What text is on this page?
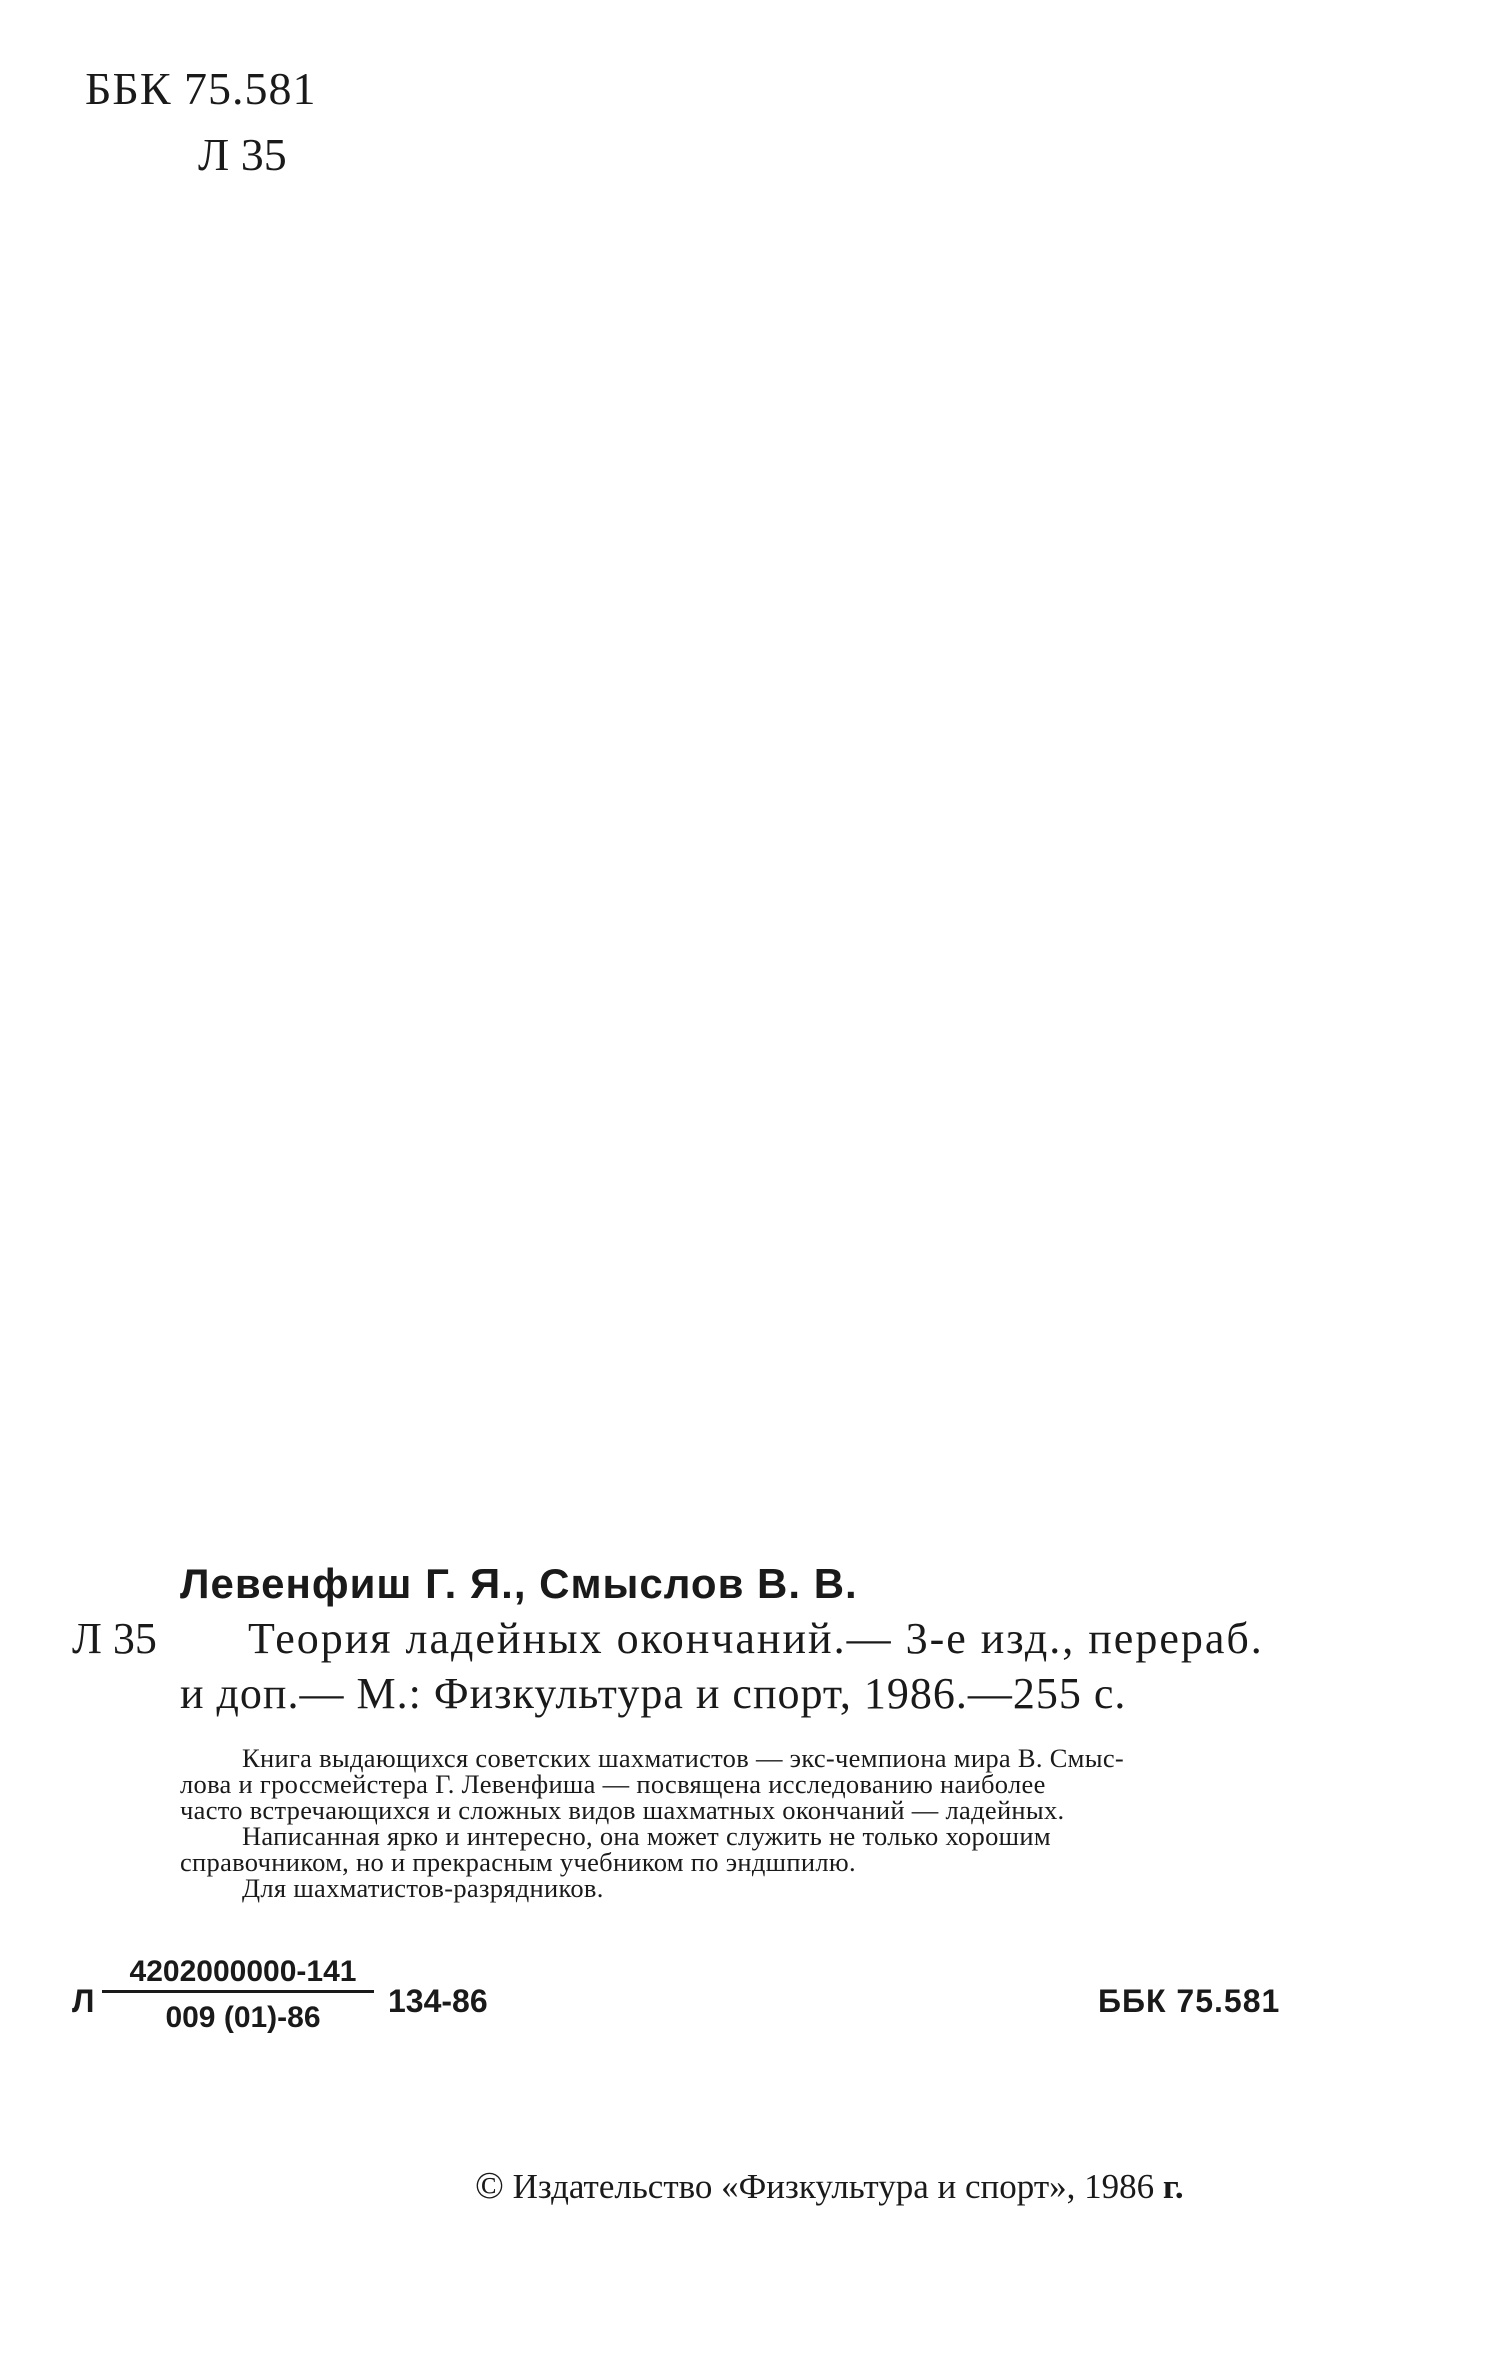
ББК 75.581
Л 35
Левенфиш Г. Я., Смыслов В. В.
Л 35 Теория ладейных окончаний.— 3-е изд., перераб.
и доп.— М.: Физкультура и спорт, 1986.—255 с.
Книга выдающихся советских шахматистов — экс-чемпиона мира В. Смыс-
лова и гроссмейстера Г. Левенфиша — посвящена исследованию наиболее
часто встречающихся и сложных видов шахматных окончаний — ладейных.
Написанная ярко и интересно, она может служить не только хорошим
справочником, но и прекрасным учебником по эндшпилю.
Для шахматистов-разрядников.
Л
4202000000-141
009 (01)-86	134-86	ББК 75.581
© Издательство «Физкультура и спорт», 1986 г.
